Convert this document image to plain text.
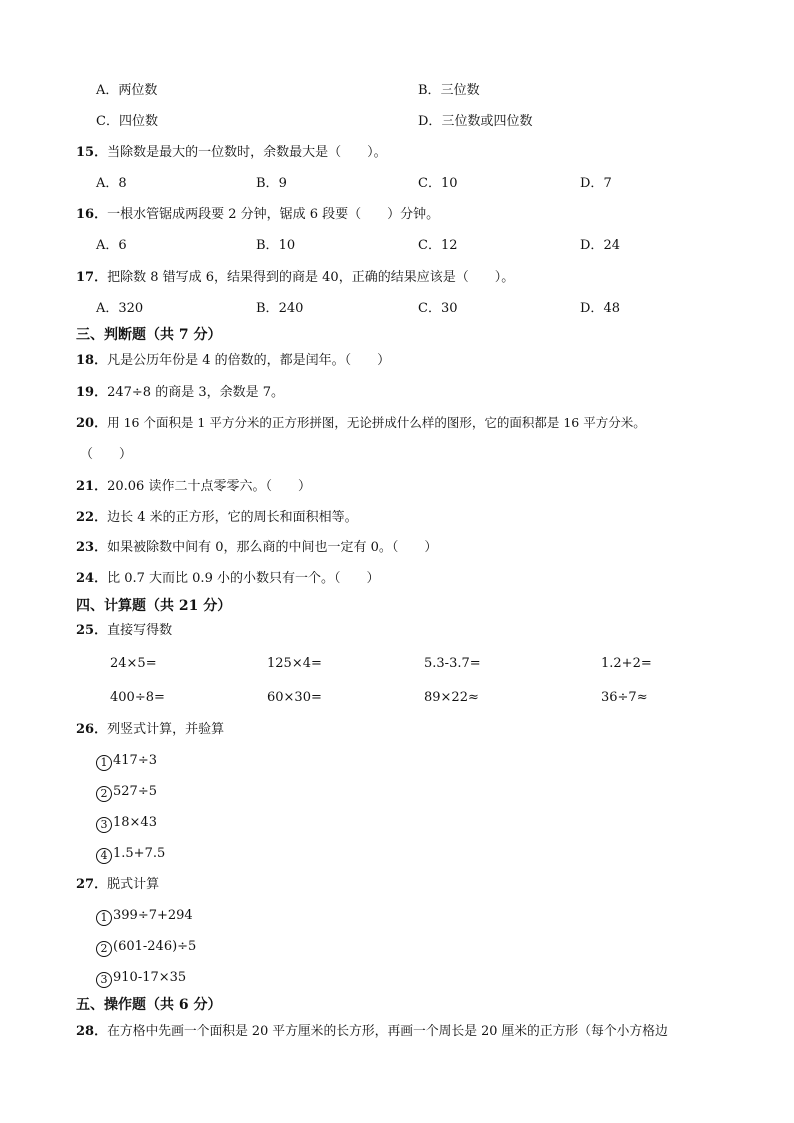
A．两位数	B．三位数
C．四位数	D．三位数或四位数
15．当除数是最大的一位数时，余数最大是（　　）。
A．8	B．9	C．10	D．7
16．一根水管锯成两段要 2 分钟，锯成 6 段要（　　）分钟。
A．6	B．10	C．12	D．24
17．把除数 8 错写成 6，结果得到的商是 40，正确的结果应该是（　　）。
A．320	B．240	C．30	D．48
三、判断题（共 7 分）
18．凡是公历年份是 4 的倍数的，都是闰年。（　　）
19．247÷8 的商是 3，余数是 7。
20．用 16 个面积是 1 平方分米的正方形拼图，无论拼成什么样的图形，它的面积都是 16 平方分米。
（　　）
21．20.06 读作二十点零零六。（　　）
22．边长 4 米的正方形，它的周长和面积相等。
23．如果被除数中间有 0，那么商的中间也一定有 0。（　　）
24．比 0.7 大而比 0.9 小的小数只有一个。（　　）
四、计算题（共 21 分）
25．直接写得数
24×5=	125×4=	5.3-3.7=	1.2+2=
400÷8=	60×30=	89×22≈	36÷7≈
26．列竖式计算，并验算
1 417÷3
2 527÷5
3 18×43
4 1.5+7.5
27．脱式计算
1 399÷7+294
2 (601-246)÷5
3 910-17×35
五、操作题（共 6 分）
28．在方格中先画一个面积是 20 平方厘米的长方形，再画一个周长是 20 厘米的正方形（每个小方格边
